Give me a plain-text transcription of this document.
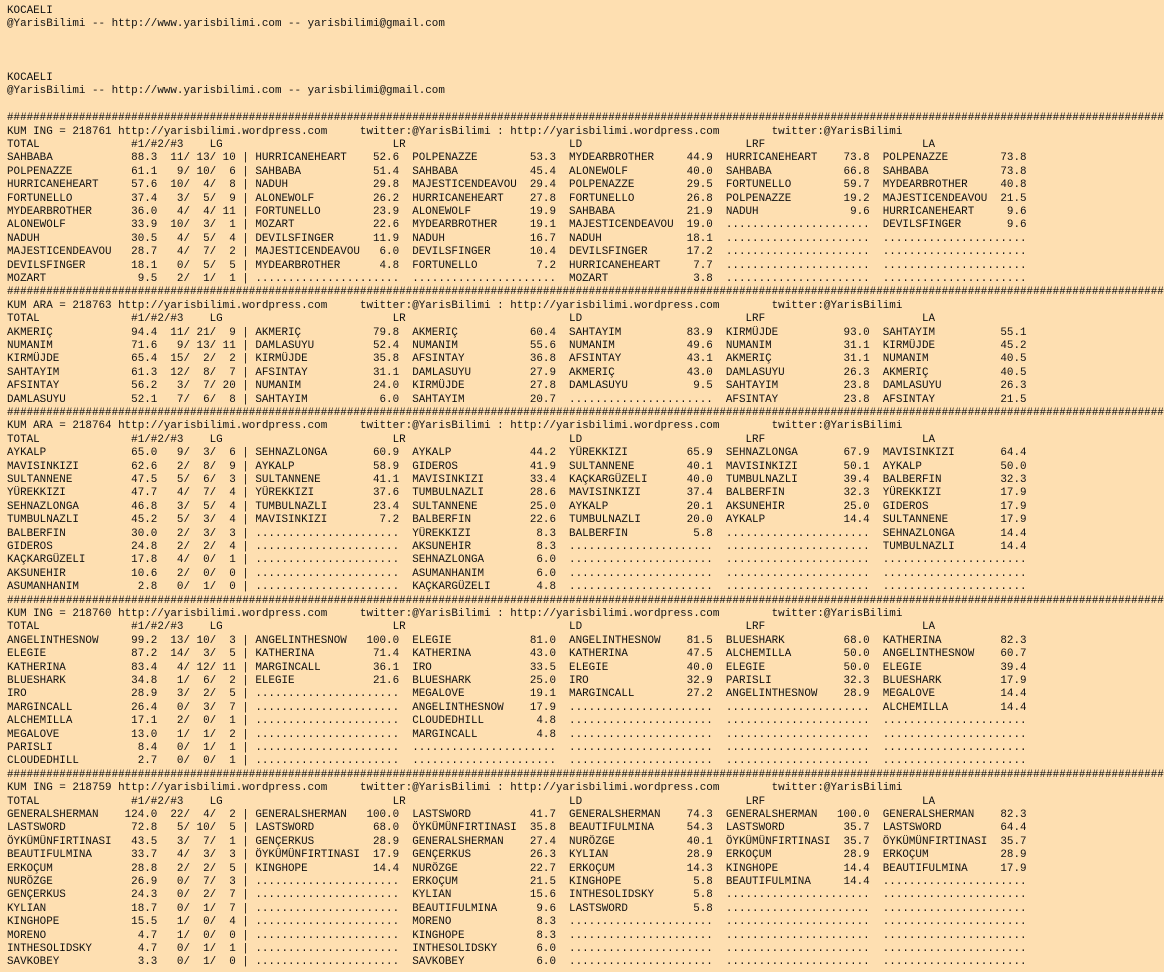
KOCAELI
@YarisBilimi -- http://www.yarisbilimi.com -- yarisbilimi@gmail.com
KOCAELI
@YarisBilimi -- http://www.yarisbilimi.com -- yarisbilimi@gmail.com
#################################################################################################################################################################################
KUM ING = 218761 http://yarisbilimi.wordpress.com     twitter:@YarisBilimi : http://yarisbilimi.wordpress.com        twitter:@YarisBilimi
TOTAL              #1/#2/#3    LG                          LR                         LD                         LRF                        LA
SAHBABA            88.3  11/ 13/ 10 | HURRICANEHEART    52.6  POLPENAZZE        53.3  MYDEARBROTHER     44.9  HURRICANEHEART    73.8  POLPENAZZE        73.8
POLPENAZZE         61.1   9/ 10/  6 | SAHBABA           51.4  SAHBABA           45.4  ALONEWOLF         40.0  SAHBABA           66.8  SAHBABA           73.8
HURRICANEHEART     57.6  10/  4/  8 | NADUH             29.8  MAJESTICENDEAVOU  29.4  POLPENAZZE        29.5  FORTUNELLO        59.7  MYDEARBROTHER     40.8
FORTUNELLO         37.4   3/  5/  9 | ALONEWOLF         26.2  HURRICANEHEART    27.8  FORTUNELLO        26.8  POLPENAZZE        19.2  MAJESTICENDEAVOU  21.5
MYDEARBROTHER      36.0   4/  4/ 11 | FORTUNELLO        23.9  ALONEWOLF         19.9  SAHBABA           21.9  NADUH              9.6  HURRICANEHEART     9.6
ALONEWOLF          33.9  10/  3/  1 | MOZART            22.6  MYDEARBROTHER     19.1  MAJESTICENDEAVOU  19.0  ......................  DEVILSFINGER       9.6
NADUH              30.5   4/  5/  4 | DEVILSFINGER      11.9  NADUH             16.7  NADUH             18.1  ......................  ......................
MAJESTICENDEAVOU   28.7   4/  7/  2 | MAJESTICENDEAVOU   6.0  DEVILSFINGER      10.4  DEVILSFINGER      17.2  ......................  ......................
DEVILSFINGER       18.1   0/  5/  5 | MYDEARBROTHER      4.8  FORTUNELLO         7.2  HURRICANEHEART     7.7  ......................  ......................
MOZART              9.5   2/  1/  1 | ......................  ......................  MOZART             3.8  ......................  ......................
#################################################################################################################################################################################
KUM ARA = 218763 http://yarisbilimi.wordpress.com     twitter:@YarisBilimi : http://yarisbilimi.wordpress.com        twitter:@YarisBilimi
TOTAL              #1/#2/#3    LG                          LR                         LD                         LRF                        LA
AKMERIÇ            94.4  11/ 21/  9 | AKMERIÇ           79.8  AKMERIÇ           60.4  SAHTAYIM          83.9  KIRMÜJDE          93.0  SAHTAYIM          55.1
NUMANIM            71.6   9/ 13/ 11 | DAMLASUYU         52.4  NUMANIM           55.6  NUMANIM           49.6  NUMANIM           31.1  KIRMÜJDE          45.2
KIRMÜJDE           65.4  15/  2/  2 | KIRMÜJDE          35.8  AFSINTAY          36.8  AFSINTAY          43.1  AKMERIÇ           31.1  NUMANIM           40.5
SAHTAYIM           61.3  12/  8/  7 | AFSINTAY          31.1  DAMLASUYU         27.9  AKMERIÇ           43.0  DAMLASUYU         26.3  AKMERIÇ           40.5
AFSINTAY           56.2   3/  7/ 20 | NUMANIM           24.0  KIRMÜJDE          27.8  DAMLASUYU          9.5  SAHTAYIM          23.8  DAMLASUYU         26.3
DAMLASUYU          52.1   7/  6/  8 | SAHTAYIM           6.0  SAHTAYIM          20.7  ......................  AFSINTAY          23.8  AFSINTAY          21.5
#################################################################################################################################################################################
KUM ARA = 218764 http://yarisbilimi.wordpress.com     twitter:@YarisBilimi : http://yarisbilimi.wordpress.com        twitter:@YarisBilimi
TOTAL              #1/#2/#3    LG                          LR                         LD                         LRF                        LA
AYKALP             65.0   9/  3/  6 | SEHNAZLONGA       60.9  AYKALP            44.2  YÜREKKIZI         65.9  SEHNAZLONGA       67.9  MAVISINKIZI       64.4
MAVISINKIZI        62.6   2/  8/  9 | AYKALP            58.9  GIDEROS           41.9  SULTANNENE        40.1  MAVISINKIZI       50.1  AYKALP            50.0
SULTANNENE         47.5   5/  6/  3 | SULTANNENE        41.1  MAVISINKIZI       33.4  KAÇKARGÜZELI      40.0  TUMBULNAZLI       39.4  BALBERFIN         32.3
YÜREKKIZI          47.7   4/  7/  4 | YÜREKKIZI         37.6  TUMBULNAZLI       28.6  MAVISINKIZI       37.4  BALBERFIN         32.3  YÜREKKIZI         17.9
SEHNAZLONGA        46.8   3/  5/  4 | TUMBULNAZLI       23.4  SULTANNENE        25.0  AYKALP            20.1  AKSUNEHIR         25.0  GIDEROS           17.9
TUMBULNAZLI        45.2   5/  3/  4 | MAVISINKIZI        7.2  BALBERFIN         22.6  TUMBULNAZLI       20.0  AYKALP            14.4  SULTANNENE        17.9
BALBERFIN          30.0   2/  3/  3 | ......................  YÜREKKIZI          8.3  BALBERFIN          5.8  ......................  SEHNAZLONGA       14.4
GIDEROS            24.8   2/  2/  4 | ......................  AKSUNEHIR          8.3  ......................  ......................  TUMBULNAZLI       14.4
KAÇKARGÜZELI       17.8   4/  0/  1 | ......................  SEHNAZLONGA        6.0  ......................  ......................  ......................
AKSUNEHIR          10.6   2/  0/  0 | ......................  ASUMANHANIM        6.0  ......................  ......................  ......................
ASUMANHANIM         2.8   0/  1/  0 | ......................  KAÇKARGÜZELI       4.8  ......................  ......................  ......................
#################################################################################################################################################################################
KUM ING = 218760 http://yarisbilimi.wordpress.com     twitter:@YarisBilimi : http://yarisbilimi.wordpress.com        twitter:@YarisBilimi
TOTAL              #1/#2/#3    LG                          LR                         LD                         LRF                        LA
ANGELINTHESNOW     99.2  13/ 10/  3 | ANGELINTHESNOW   100.0  ELEGIE            81.0  ANGELINTHESNOW    81.5  BLUESHARK         68.0  KATHERINA         82.3
ELEGIE             87.2  14/  3/  5 | KATHERINA         71.4  KATHERINA         43.0  KATHERINA         47.5  ALCHEMILLA        50.0  ANGELINTHESNOW    60.7
KATHERINA          83.4   4/ 12/ 11 | MARGINCALL        36.1  IRO               33.5  ELEGIE            40.0  ELEGIE            50.0  ELEGIE            39.4
BLUESHARK          34.8   1/  6/  2 | ELEGIE            21.6  BLUESHARK         25.0  IRO               32.9  PARISLI           32.3  BLUESHARK         17.9
IRO                28.9   3/  2/  5 | ......................  MEGALOVE          19.1  MARGINCALL        27.2  ANGELINTHESNOW    28.9  MEGALOVE          14.4
MARGINCALL         26.4   0/  3/  7 | ......................  ANGELINTHESNOW    17.9  ......................  ......................  ALCHEMILLA        14.4
ALCHEMILLA         17.1   2/  0/  1 | ......................  CLOUDEDHILL        4.8  ......................  ......................  ......................
MEGALOVE           13.0   1/  1/  2 | ......................  MARGINCALL         4.8  ......................  ......................  ......................
PARISLI             8.4   0/  1/  1 | ......................  ......................  ......................  ......................  ......................
CLOUDEDHILL         2.7   0/  0/  1 | ......................  ......................  ......................  ......................  ......................
#################################################################################################################################################################################
KUM ING = 218759 http://yarisbilimi.wordpress.com     twitter:@YarisBilimi : http://yarisbilimi.wordpress.com        twitter:@YarisBilimi
TOTAL              #1/#2/#3    LG                          LR                         LD                         LRF                        LA
GENERALSHERMAN    124.0  22/  4/  2 | GENERALSHERMAN   100.0  LASTSWORD         41.7  GENERALSHERMAN    74.3  GENERALSHERMAN   100.0  GENERALSHERMAN    82.3
LASTSWORD          72.8   5/ 10/  5 | LASTSWORD         68.0  ÖYKÜMÜNFIRTINASI  35.8  BEAUTIFULMINA     54.3  LASTSWORD         35.7  LASTSWORD         64.4
ÖYKÜMÜNFIRTINASI   43.5   3/  7/  1 | GENÇERKUS         28.9  GENERALSHERMAN    27.4  NURÖZGE           40.1  ÖYKÜMÜNFIRTINASI  35.7  ÖYKÜMÜNFIRTINASI  35.7
BEAUTIFULMINA      33.7   4/  3/  3 | ÖYKÜMÜNFIRTINASI  17.9  GENÇERKUS         26.3  KYLIAN            28.9  ERKOÇUM           28.9  ERKOÇUM           28.9
ERKOÇUM            28.8   2/  2/  5 | KINGHOPE          14.4  NURÖZGE           22.7  ERKOÇUM           14.3  KINGHOPE          14.4  BEAUTIFULMINA     17.9
NURÖZGE            26.9   0/  7/  3 | ......................  ERKOÇUM           21.5  KINGHOPE           5.8  BEAUTIFULMINA     14.4  ......................
GENÇERKUS          24.3   0/  2/  7 | ......................  KYLIAN            15.6  INTHESOLIDSKY      5.8  ......................  ......................
KYLIAN             18.7   0/  1/  7 | ......................  BEAUTIFULMINA      9.6  LASTSWORD          5.8  ......................  ......................
KINGHOPE           15.5   1/  0/  4 | ......................  MORENO             8.3  ......................  ......................  ......................
MORENO              4.7   1/  0/  0 | ......................  KINGHOPE           8.3  ......................  ......................  ......................
INTHESOLIDSKY       4.7   0/  1/  1 | ......................  INTHESOLIDSKY      6.0  ......................  ......................  ......................
SAVKOBEY            3.3   0/  1/  0 | ......................  SAVKOBEY           6.0  ......................  ......................  ......................
